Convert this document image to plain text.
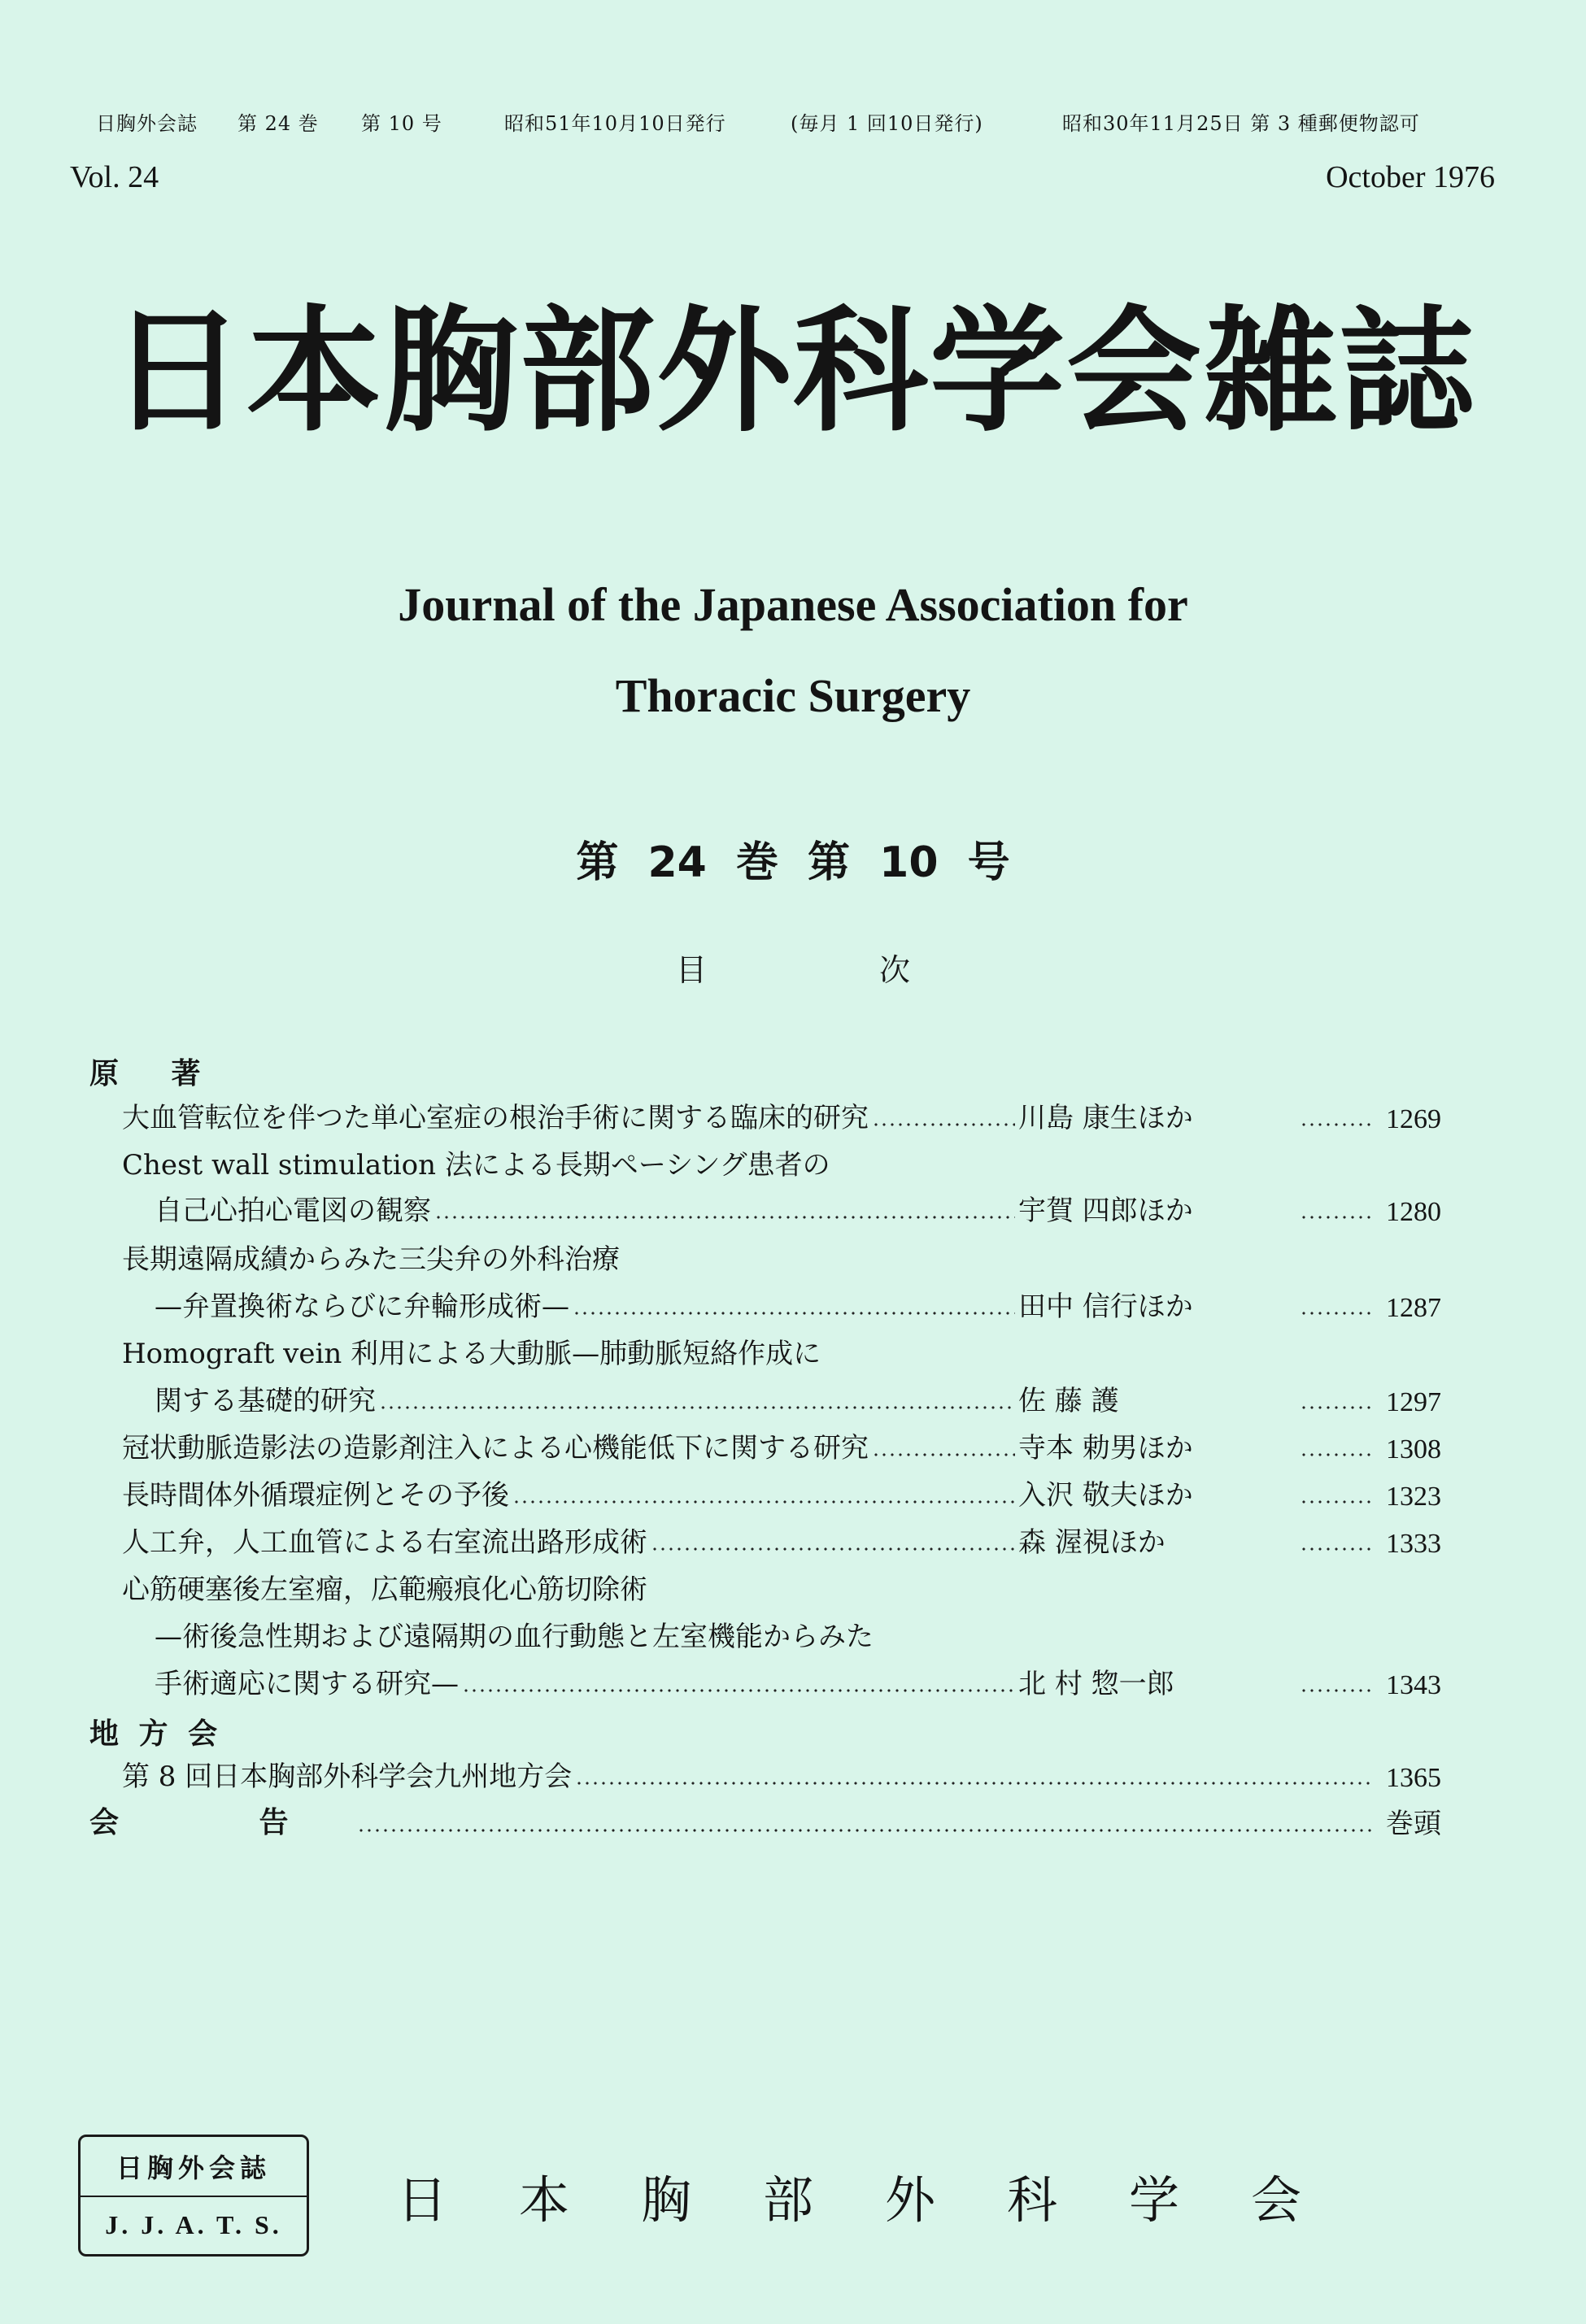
日胸外会誌 第 24 巻 第 10 号	昭和51年10月10日発行	(毎月 1 回10日発行)	昭和30年11月25日 第 3 種郵便物認可
Vol. 24	October 1976
日本胸部外科学会雑誌
Journal of the Japanese Association for
Thoracic Surgery
第 24 巻 第 10 号
目 次
原 著
大血管転位を伴つた単心室症の根治手術に関する臨床的研究	川島 康生ほか	1269
Chest wall stimulation 法による長期ペーシング患者の
自己心拍心電図の観察	宇賀 四郎ほか	1280
長期遠隔成績からみた三尖弁の外科治療
—弁置換術ならびに弁輪形成術—	田中 信行ほか	1287
Homograft vein 利用による大動脈—肺動脈短絡作成に
関する基礎的研究	佐 藤 護	1297
冠状動脈造影法の造影剤注入による心機能低下に関する研究	寺本 勅男ほか	1308
長時間体外循環症例とその予後	入沢 敬夫ほか	1323
人工弁，人工血管による右室流出路形成術	森 渥視ほか	1333
心筋硬塞後左室瘤，広範瘢痕化心筋切除術
—術後急性期および遠隔期の血行動態と左室機能からみた
手術適応に関する研究—	北 村 惣一郎	1343
地 方 会
第 8 回日本胸部外科学会九州地方会	1365
会 告	巻頭
日胸外会誌
J. J. A. T. S.	日本胸部外科学会
